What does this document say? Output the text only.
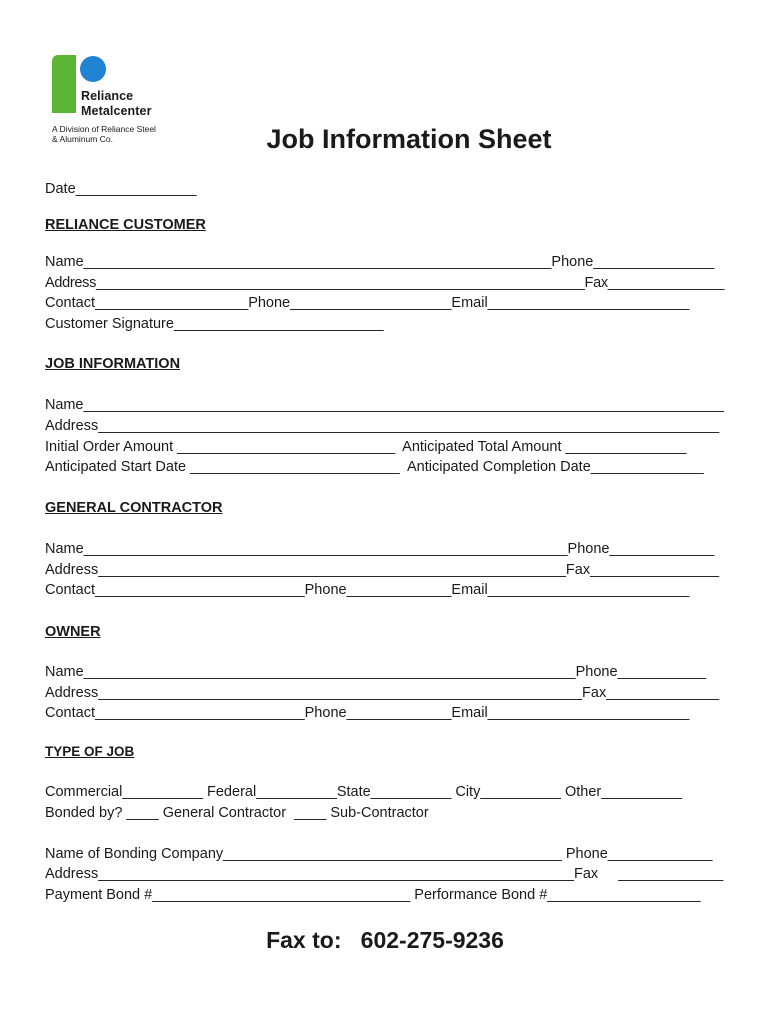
Reliance
Metalcenter
A Division of Reliance Steel
& Aluminum Co.	Job Information Sheet
Date_______________
RELIANCE CUSTOMER
Name__________________________________________________________Phone_______________
Address_______________________________________________________________Fax_______________
Contact___________________Phone____________________Email_________________________
Customer Signature__________________________
JOB INFORMATION
Name________________________________________________________________________________
Address_____________________________________________________________________________
Initial Order Amount ___________________________  Anticipated Total Amount _______________
Anticipated Start Date __________________________  Anticipated Completion Date______________
GENERAL CONTRACTOR
Name____________________________________________________________Phone_____________
Address__________________________________________________________Fax________________
Contact__________________________Phone_____________Email_________________________
OWNER
Name_____________________________________________________________Phone___________
Address____________________________________________________________Fax______________
Contact__________________________Phone_____________Email_________________________
TYPE OF JOB
Commercial__________ Federal__________State__________ City__________ Other__________
Bonded by? ____ General Contractor  ____ Sub-Contractor
Name of Bonding Company__________________________________________ Phone_____________
Address___________________________________________________________Fax     _____________
Payment Bond #________________________________ Performance Bond #___________________
Fax to:   602-275-9236
